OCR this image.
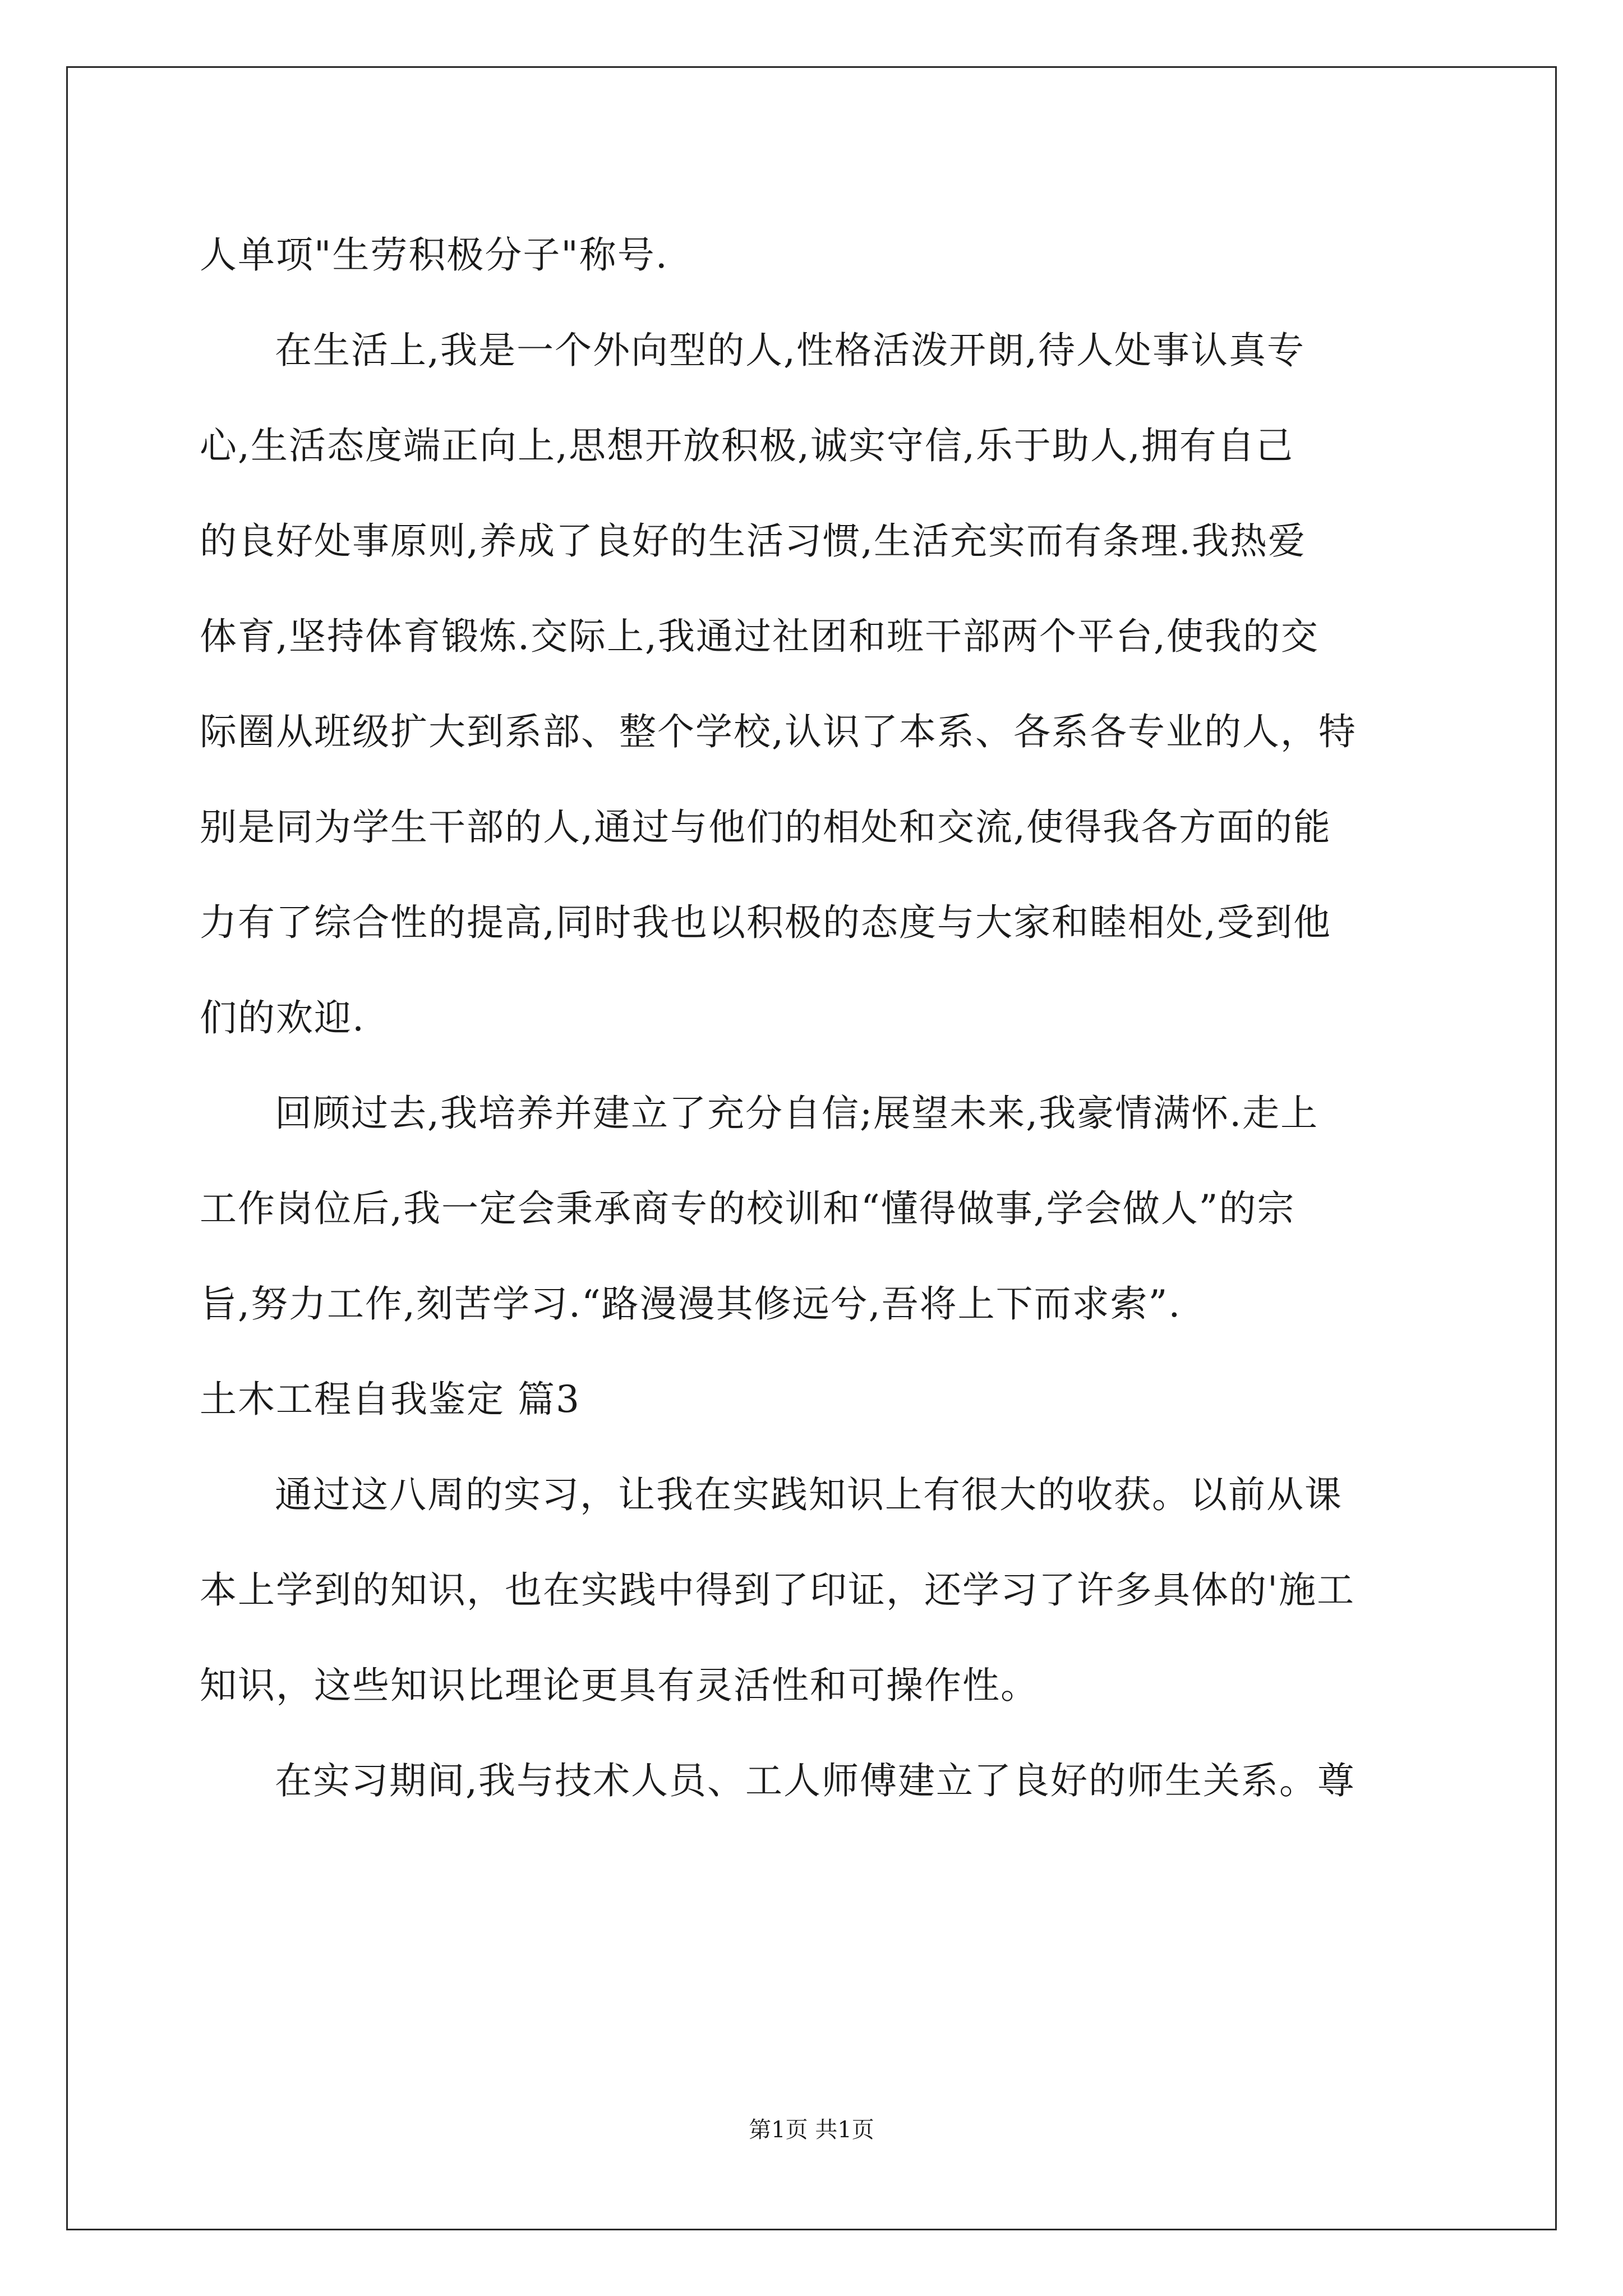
人单项"生劳积极分子"称号.
在生活上,我是一个外向型的人,性格活泼开朗,待人处事认真专
心,生活态度端正向上,思想开放积极,诚实守信,乐于助人,拥有自己
的良好处事原则,养成了良好的生活习惯,生活充实而有条理.我热爱
体育,坚持体育锻炼.交际上,我通过社团和班干部两个平台,使我的交
际圈从班级扩大到系部、整个学校,认识了本系、各系各专业的人，特
别是同为学生干部的人,通过与他们的相处和交流,使得我各方面的能
力有了综合性的提高,同时我也以积极的态度与大家和睦相处,受到他
们的欢迎.
回顾过去,我培养并建立了充分自信;展望未来,我豪情满怀.走上
工作岗位后,我一定会秉承商专的校训和“懂得做事,学会做人”的宗
旨,努力工作,刻苦学习.“路漫漫其修远兮,吾将上下而求索”.
土木工程自我鉴定 篇3
通过这八周的实习，让我在实践知识上有很大的收获。以前从课
本上学到的知识，也在实践中得到了印证，还学习了许多具体的'施工
知识，这些知识比理论更具有灵活性和可操作性。
在实习期间,我与技术人员、工人师傅建立了良好的师生关系。尊
第1页 共1页
